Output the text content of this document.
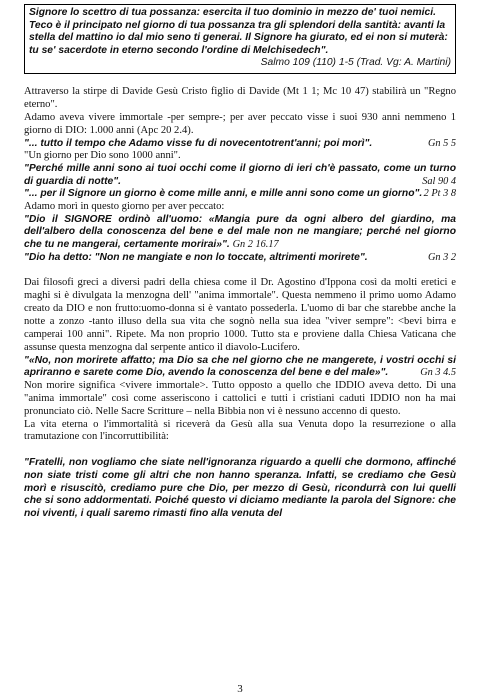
Signore lo scettro di tua possanza: esercita il tuo dominio in mezzo de' tuoi nemici. Teco è il principato nel giorno di tua possanza tra gli splendori della santità: avanti la stella del mattino io dal mio seno ti generai. Il Signore ha giurato, ed ei non si muterà: tu se' sacerdote in eterno secondo l'ordine di Melchisedech".
Salmo 109 (110) 1-5 (Trad. Vg: A. Martini)

Attraverso la stirpe di Davide Gesù Cristo figlio di Davide (Mt 1 1; Mc 10 47) stabilirà un "Regno eterno".

Adamo aveva vivere immortale -per sempre-; per aver peccato visse i suoi 930 anni nemmeno 1 giorno di DIO: 1.000 anni (Apc 20 2.4).

"... tutto il tempo che Adamo visse fu di novecentotrent'anni; poi morì".	Gn 5 5

"Un giorno per Dio sono 1000 anni".

"Perché mille anni sono ai tuoi occhi come il giorno di ieri ch'è passato, come un turno di guardia di notte".	Sal 90 4
"... per il Signore un giorno è come mille anni, e mille anni sono come un giorno". 2 Pt 3 8

Adamo morì in questo giorno per aver peccato:

"Dio il SIGNORE ordinò all'uomo: «Mangia pure da ogni albero del giardino, ma dell'albero della conoscenza del bene e del male non ne mangiare; perché nel giorno che tu ne mangerai, certamente morirai»". Gn 2 16.17
"Dio ha detto: "Non ne mangiate e non lo toccate, altrimenti morirete".	Gn 3 2

Dai filosofi greci a diversi padri della chiesa come il Dr. Agostino d'Ippona così da molti eretici e maghi si è divulgata la menzogna dell' "anima immortale". Questa nemmeno il primo uomo Adamo creato da DIO e non frutto:uomo-donna si è vantato possederla. L'uomo di bar che starebbe anche la notte a zonzo -tanto illuso della sua vita che sognò nella sua idea "viver sempre": <bevi birra e camperai 100 anni". Ripete. Ma non proprio 1000. Tutto sta e proviene dalla Chiesa Vaticana che assunse questa menzogna dal serpente antico il diavolo-Lucifero.

"«No, non morirete affatto; ma Dio sa che nel giorno che ne mangerete, i vostri occhi si apriranno e sarete come Dio, avendo la conoscenza del bene e del male»".	Gn 3 4.5

Non morire significa <vivere immortale>. Tutto opposto a quello che IDDIO aveva detto. Di una "anima immortale" così come asseriscono i cattolici e tutti i cristiani caduti IDDIO non ha mai pronunciato ciò. Nelle Sacre Scritture – nella Bibbia non vi è nessuno accenno di questo.

La vita eterna o l'immortalità si riceverà da Gesù alla sua Venuta dopo la resurrezione o alla tramutazione con l'incorruttibilità:

"Fratelli, non vogliamo che siate nell'ignoranza riguardo a quelli che dormono, affinché non siate tristi come gli altri che non hanno speranza. Infatti, se crediamo che Gesù morì e risuscitò, crediamo pure che Dio, per mezzo di Gesù, ricondurrà con lui quelli che si sono addormentati. Poiché questo vi diciamo mediante la parola del Signore: che noi viventi, i quali saremo rimasti fino alla venuta del
3
